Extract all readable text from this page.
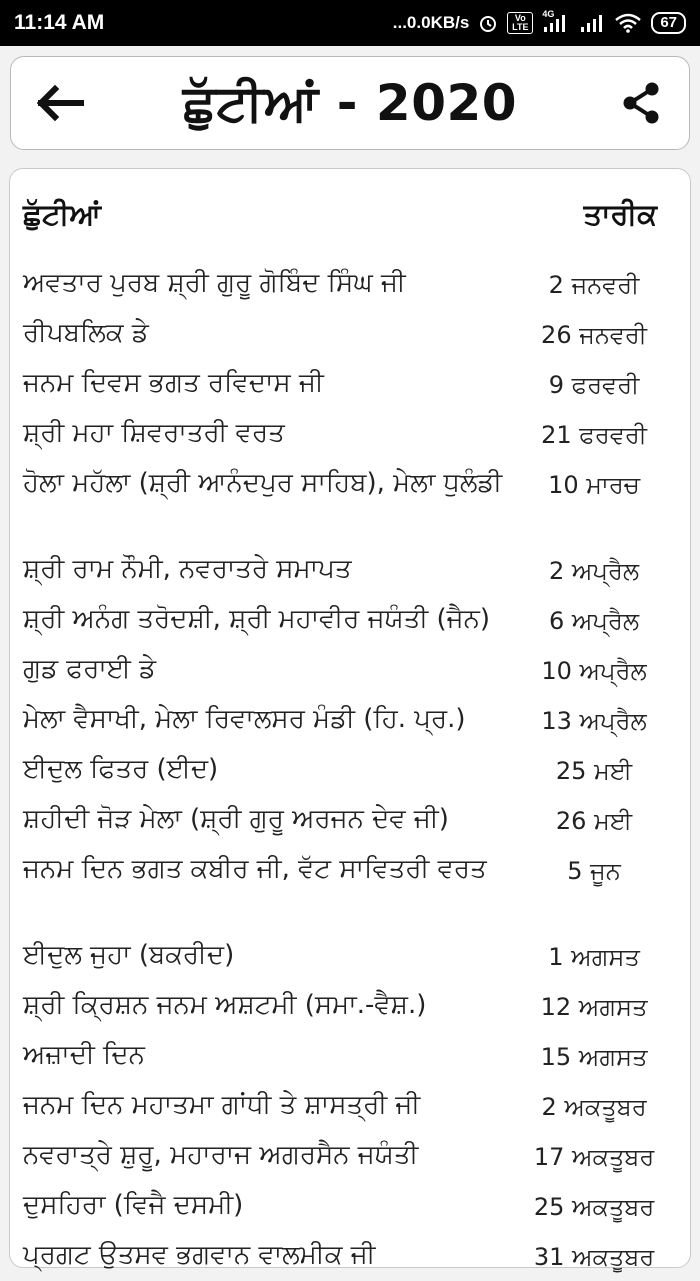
11:14 AM	...0.0KB/s	Vo LTE
4G	67
ਛੁੱਟੀਆਂ - 2020
ਛੁੱਟੀਆਂ	ਤਾਰੀਕ
ਅਵਤਾਰ ਪੁਰਬ ਸ਼੍ਰੀ ਗੁਰੂ ਗੋਬਿੰਦ ਸਿੰਘ ਜੀ	2 ਜਨਵਰੀ
ਰੀਪਬਲਿਕ ਡੇ	26 ਜਨਵਰੀ
ਜਨਮ ਦਿਵਸ ਭਗਤ ਰਵਿਦਾਸ ਜੀ	9 ਫਰਵਰੀ
ਸ਼੍ਰੀ ਮਹਾ ਸ਼ਿਵਰਾਤਰੀ ਵਰਤ	21 ਫਰਵਰੀ
ਹੋਲਾ ਮਹੱਲਾ (ਸ਼੍ਰੀ ਆਨੰਦਪੁਰ ਸਾਹਿਬ), ਮੇਲਾ ਧੁਲੰਡੀ	10 ਮਾਰਚ
ਸ਼੍ਰੀ ਰਾਮ ਨੌਮੀ, ਨਵਰਾਤਰੇ ਸਮਾਪਤ	2 ਅਪ੍ਰੈਲ
ਸ਼੍ਰੀ ਅਨੰਗ ਤਰੋਦਸ਼ੀ, ਸ਼੍ਰੀ ਮਹਾਵੀਰ ਜਯੰਤੀ (ਜੈਨ)	6 ਅਪ੍ਰੈਲ
ਗੁਡ ਫਰਾਈ ਡੇ	10 ਅਪ੍ਰੈਲ
ਮੇਲਾ ਵੈਸਾਖੀ, ਮੇਲਾ ਰਿਵਾਲਸਰ ਮੰਡੀ (ਹਿ. ਪ੍ਰ.)	13 ਅਪ੍ਰੈਲ
ਈਦੁਲ ਫਿਤਰ (ਈਦ)	25 ਮਈ
ਸ਼ਹੀਦੀ ਜੋੜ ਮੇਲਾ (ਸ਼੍ਰੀ ਗੁਰੂ ਅਰਜਨ ਦੇਵ ਜੀ)	26 ਮਈ
ਜਨਮ ਦਿਨ ਭਗਤ ਕਬੀਰ ਜੀ, ਵੱਟ ਸਾਵਿਤਰੀ ਵਰਤ	5 ਜੂਨ
ਈਦੁਲ ਜੁਹਾ (ਬਕਰੀਦ)	1 ਅਗਸਤ
ਸ਼੍ਰੀ ਕ੍ਰਿਸ਼ਨ ਜਨਮ ਅਸ਼ਟਮੀ (ਸਮਾ.-ਵੈਸ਼.)	12 ਅਗਸਤ
ਅਜ਼ਾਦੀ ਦਿਨ	15 ਅਗਸਤ
ਜਨਮ ਦਿਨ ਮਹਾਤਮਾ ਗਾਂਧੀ ਤੇ ਸ਼ਾਸਤ੍ਰੀ ਜੀ	2 ਅਕਤੂਬਰ
ਨਵਰਾਤ੍ਰੇ ਸ਼ੁਰੂ, ਮਹਾਰਾਜ ਅਗਰਸੈਨ ਜਯੰਤੀ	17 ਅਕਤੂਬਰ
ਦੁਸਹਿਰਾ (ਵਿਜੈ ਦਸਮੀ)	25 ਅਕਤੂਬਰ
ਪ੍ਰਗਟ ਉਤਸਵ ਭਗਵਾਨ ਵਾਲਮੀਕ ਜੀ	31 ਅਕਤੂਬਰ
